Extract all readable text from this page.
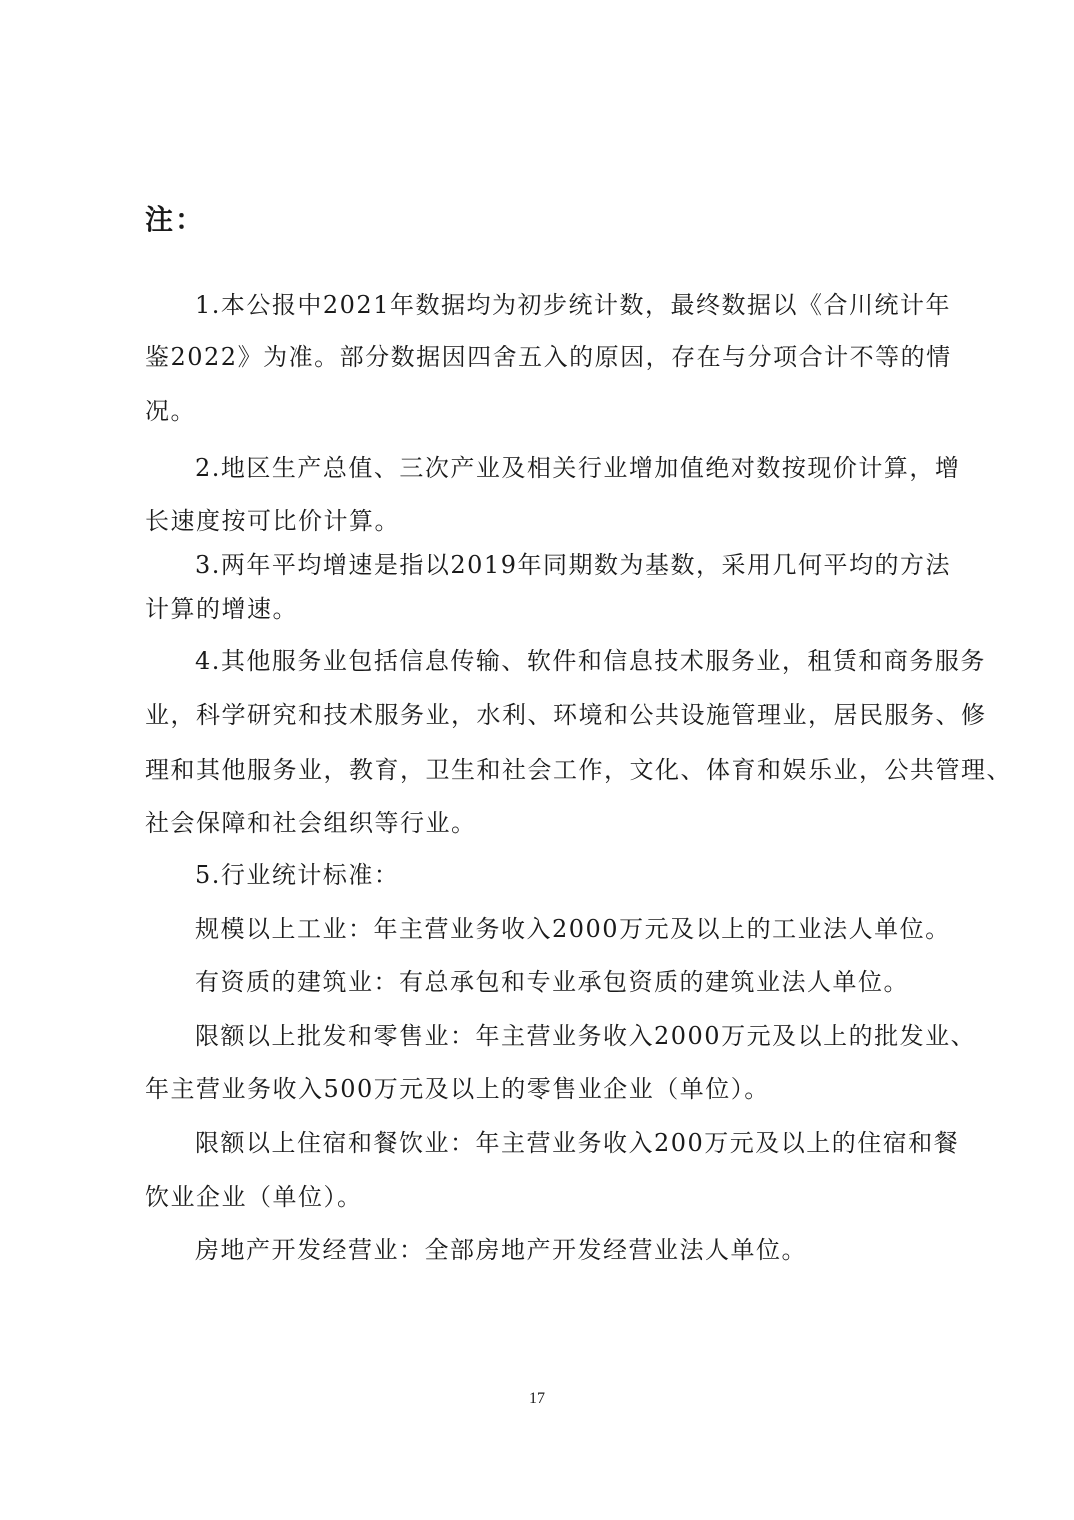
注：
1.本公报中2021年数据均为初步统计数，最终数据以《合川统计年
鉴2022》为准。部分数据因四舍五入的原因，存在与分项合计不等的情
况。
2.地区生产总值、三次产业及相关行业增加值绝对数按现价计算，增
长速度按可比价计算。
3.两年平均增速是指以2019年同期数为基数，采用几何平均的方法
计算的增速。
4.其他服务业包括信息传输、软件和信息技术服务业，租赁和商务服务
业，科学研究和技术服务业，水利、环境和公共设施管理业，居民服务、修
理和其他服务业，教育，卫生和社会工作，文化、体育和娱乐业，公共管理、
社会保障和社会组织等行业。
5.行业统计标准：
规模以上工业：年主营业务收入2000万元及以上的工业法人单位。
有资质的建筑业：有总承包和专业承包资质的建筑业法人单位。
限额以上批发和零售业：年主营业务收入2000万元及以上的批发业、
年主营业务收入500万元及以上的零售业企业（单位）。
限额以上住宿和餐饮业：年主营业务收入200万元及以上的住宿和餐
饮业企业（单位）。
房地产开发经营业：全部房地产开发经营业法人单位。
17
